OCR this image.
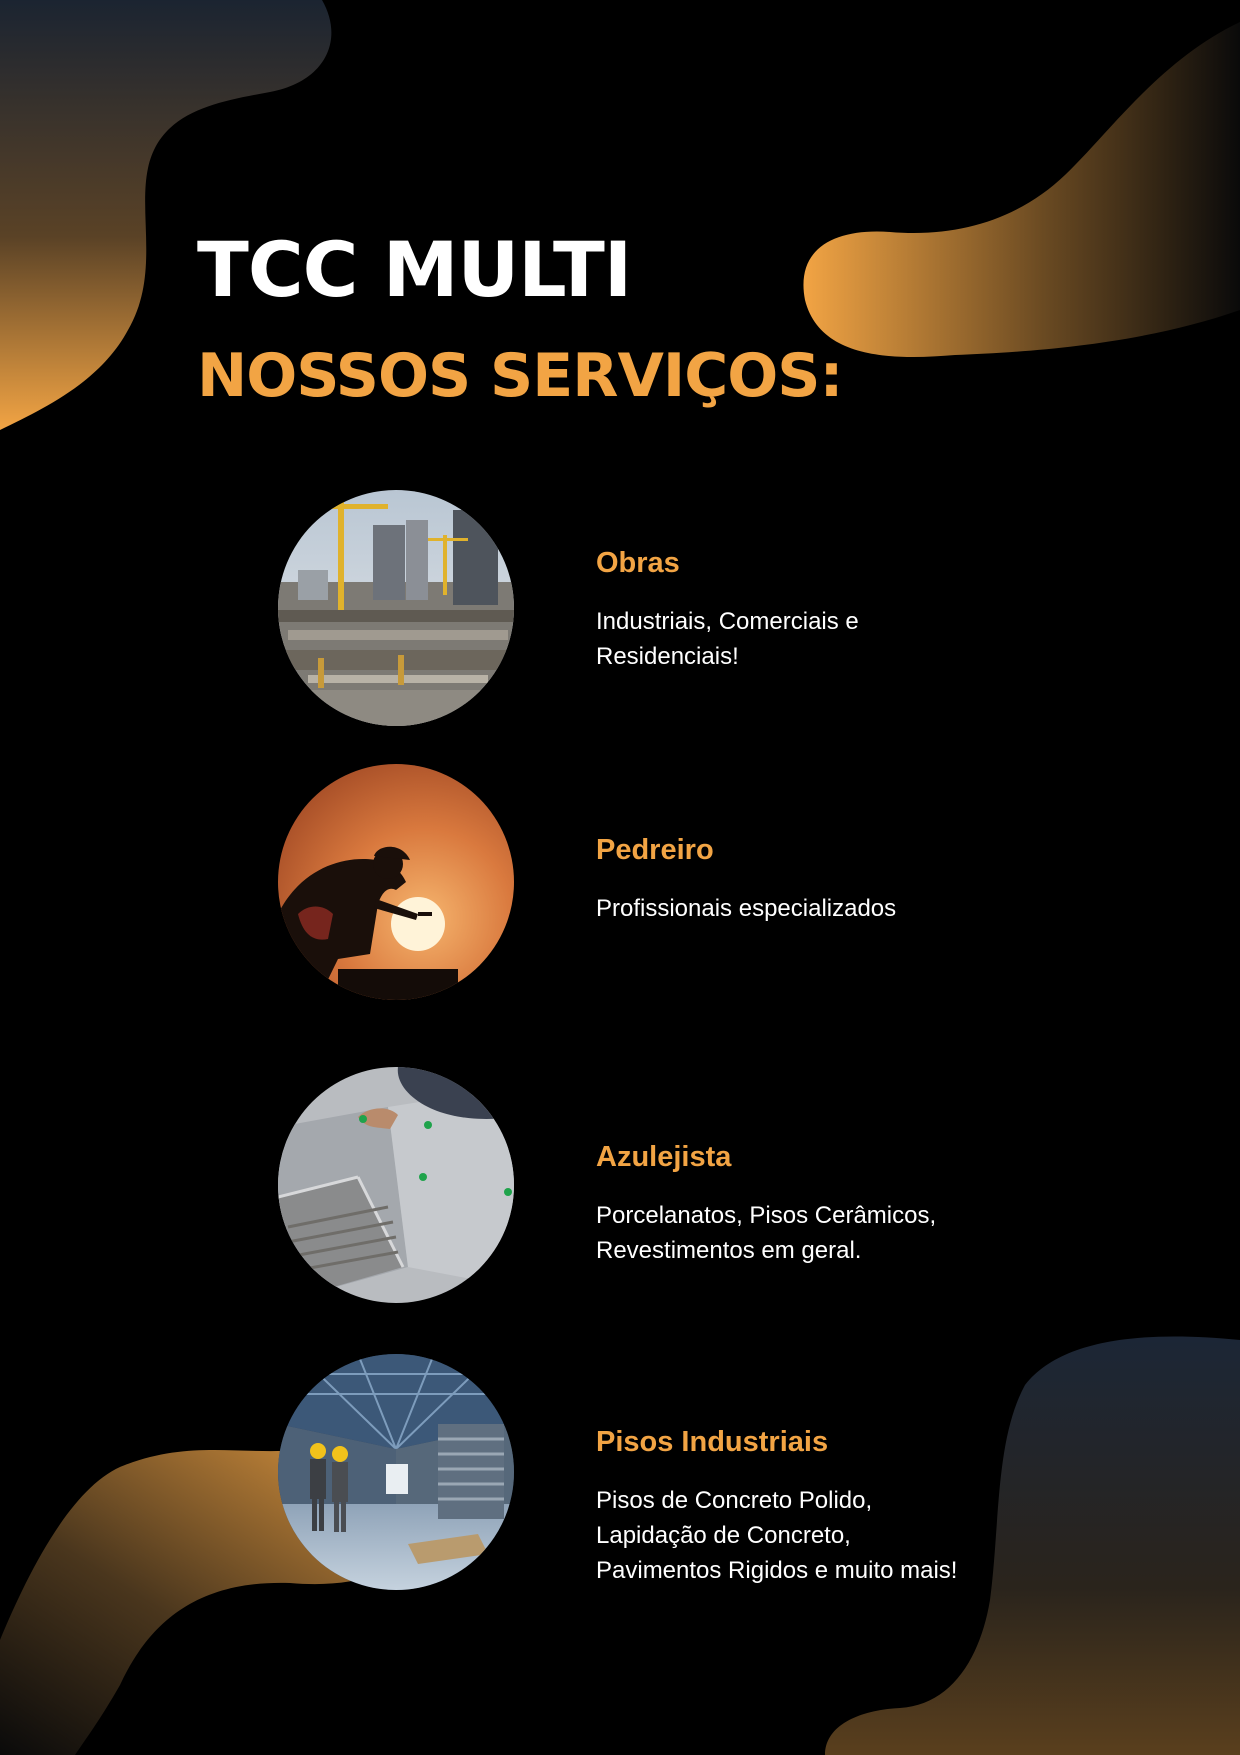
TCC MULTI
NOSSOS SERVIÇOS:
Obras
Industriais, Comerciais e
Residenciais!
Pedreiro
Profissionais especializados
Azulejista
Porcelanatos, Pisos Cerâmicos,
Revestimentos em geral.
Pisos Industriais
Pisos de Concreto Polido,
Lapidação de Concreto,
Pavimentos Rigidos e muito mais!
